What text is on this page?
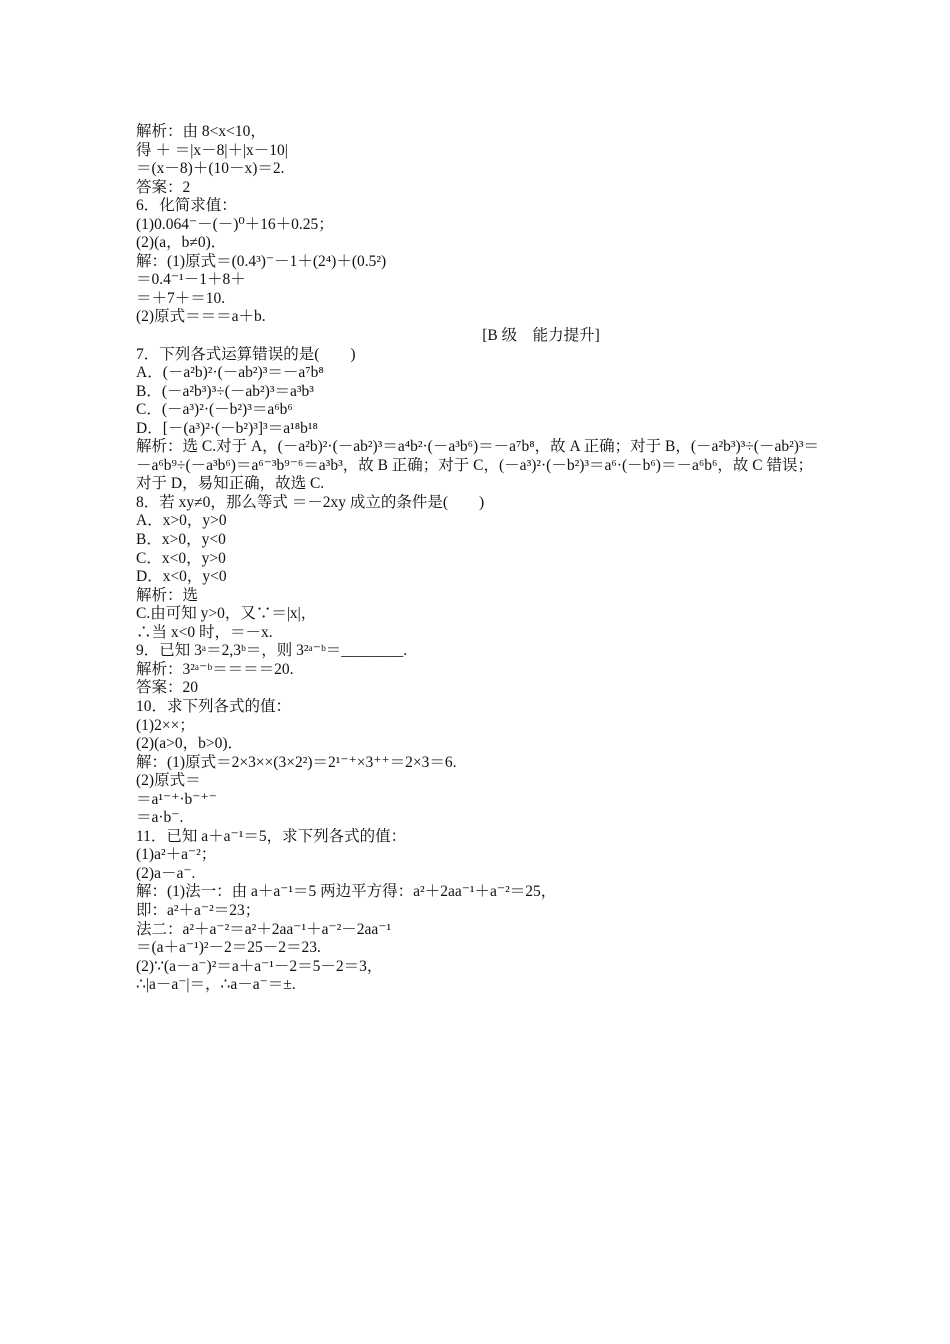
解析：由 8<x<10，
得 ＋ ＝|x－8|＋|x－10|
＝(x－8)＋(10－x)＝2.
答案：2
6．化简求值：
(1)0.064⁻－(－)⁰＋16＋0.25；
(2)(a，b≠0)．
解：(1)原式＝(0.4³)⁻－1＋(2⁴)＋(0.5²)
＝0.4⁻¹－1＋8＋
＝＋7＋＝10.
(2)原式＝＝＝a＋b.
[B 级　能力提升]
7．下列各式运算错误的是(　　)
A．(－a²b)²·(－ab²)³＝－a⁷b⁸
B．(－a²b³)³÷(－ab²)³＝a³b³
C．(－a³)²·(－b²)³＝a⁶b⁶
D．[－(a³)²·(－b²)³]³＝a¹⁸b¹⁸
解析：选 C.对于 A，(－a²b)²·(－ab²)³＝a⁴b²·(－a³b⁶)＝－a⁷b⁸，故 A 正确；对于 B，(－a²b³)³÷(－ab²)³＝－a⁶b⁹÷(－a³b⁶)＝a⁶⁻³b⁹⁻⁶＝a³b³，故 B 正确；对于 C，(－a³)²·(－b²)³＝a⁶·(－b⁶)＝－a⁶b⁶，故 C 错误；对于 D，易知正确，故选 C.
8．若 xy≠0，那么等式 ＝－2xy 成立的条件是(　　)
A．x>0，y>0
B．x>0，y<0
C．x<0，y>0
D．x<0，y<0
解析：选
C.由可知 y>0，又∵＝|x|，
∴当 x<0 时，＝－x.
9．已知 3ᵃ＝2,3ᵇ＝，则 3²ᵃ⁻ᵇ＝________.
解析：3²ᵃ⁻ᵇ＝＝＝＝20.
答案：20
10．求下列各式的值：
(1)2××；
(2)(a>0，b>0)．
解：(1)原式＝2×3××(3×2²)＝2¹⁻⁺×3⁺⁺＝2×3＝6.
(2)原式＝
＝a¹⁻⁺·b⁻⁺⁻
＝a·b⁻.
11．已知 a＋a⁻¹＝5，求下列各式的值：
(1)a²＋a⁻²；
(2)a－a⁻.
解：(1)法一：由 a＋a⁻¹＝5 两边平方得：a²＋2aa⁻¹＋a⁻²＝25，
即：a²＋a⁻²＝23；
法二：a²＋a⁻²＝a²＋2aa⁻¹＋a⁻²－2aa⁻¹
＝(a＋a⁻¹)²－2＝25－2＝23.
(2)∵(a－a⁻)²＝a＋a⁻¹－2＝5－2＝3，
∴|a－a⁻|＝，∴a－a⁻＝±.
